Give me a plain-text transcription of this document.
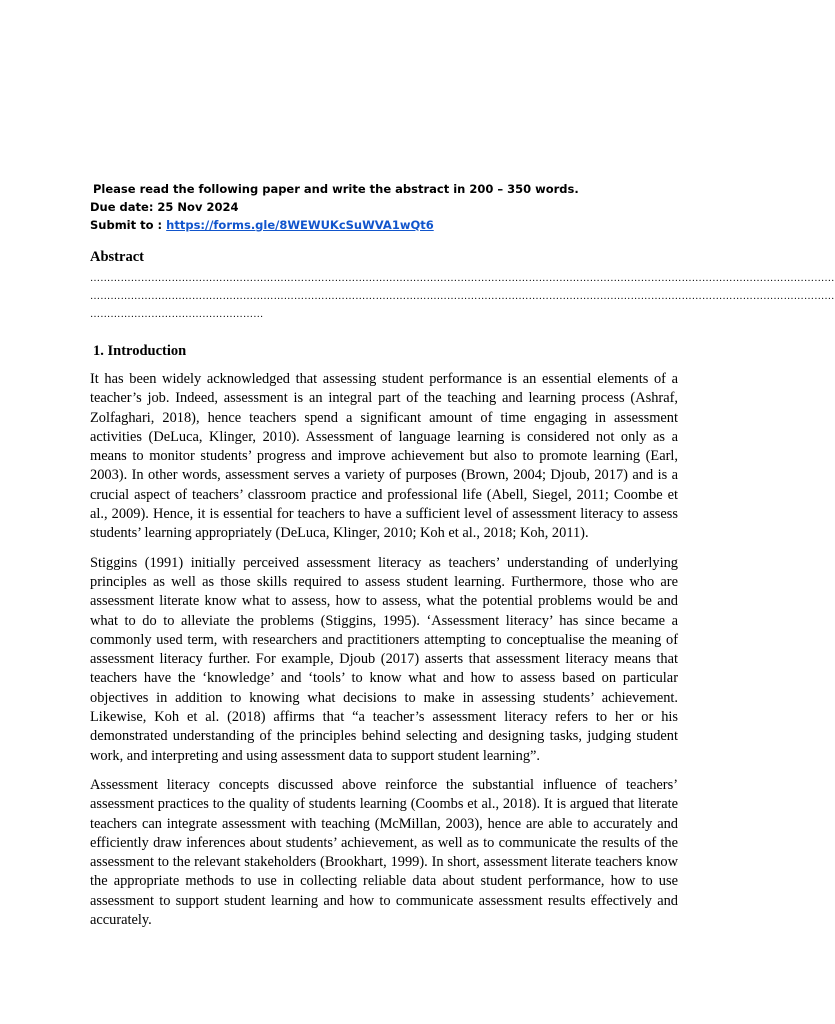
Please read the following paper and write the abstract in 200 – 350 words.

Due date: 25 Nov 2024

Submit to : https://forms.gle/8WEWUKcSuWVA1wQt6

Abstract
…………………………………………………………………………………………………………………………………………………………………………………………………
…………………………………………………………………………………………………………………………………………………………………………………………………
……………………………………………
1. Introduction

It has been widely acknowledged that assessing student performance is an essential elements of a teacher’s job. Indeed, assessment is an integral part of the teaching and learning process (Ashraf, Zolfaghari, 2018), hence teachers spend a significant amount of time engaging in assessment activities (DeLuca, Klinger, 2010). Assessment of language learning is considered not only as a means to monitor students’ progress and improve achievement but also to promote learning (Earl, 2003). In other words, assessment serves a variety of purposes (Brown, 2004; Djoub, 2017) and is a crucial aspect of teachers’ classroom practice and professional life (Abell, Siegel, 2011; Coombe et al., 2009). Hence, it is essential for teachers to have a sufficient level of assessment literacy to assess students’ learning appropriately (DeLuca, Klinger, 2010; Koh et al., 2018; Koh, 2011).

Stiggins (1991) initially perceived assessment literacy as teachers’ understanding of underlying principles as well as those skills required to assess student learning. Furthermore, those who are assessment literate know what to assess, how to assess, what the potential problems would be and what to do to alleviate the problems (Stiggins, 1995). ‘Assessment literacy’ has since became a commonly used term, with researchers and practitioners attempting to conceptualise the meaning of assessment literacy further. For example, Djoub (2017) asserts that assessment literacy means that teachers have the ‘knowledge’ and ‘tools’ to know what and how to assess based on particular objectives in addition to knowing what decisions to make in assessing students’ achievement. Likewise, Koh et al. (2018) affirms that “a teacher’s assessment literacy refers to her or his demonstrated understanding of the principles behind selecting and designing tasks, judging student work, and interpreting and using assessment data to support student learning”.

Assessment literacy concepts discussed above reinforce the substantial influence of teachers’ assessment practices to the quality of students learning (Coombs et al., 2018). It is argued that literate teachers can integrate assessment with teaching (McMillan, 2003), hence are able to accurately and efficiently draw inferences about students’ achievement, as well as to communicate the results of the assessment to the relevant stakeholders (Brookhart, 1999). In short, assessment literate teachers know the appropriate methods to use in collecting reliable data about student performance, how to use assessment to support student learning and how to communicate assessment results effectively and accurately.
